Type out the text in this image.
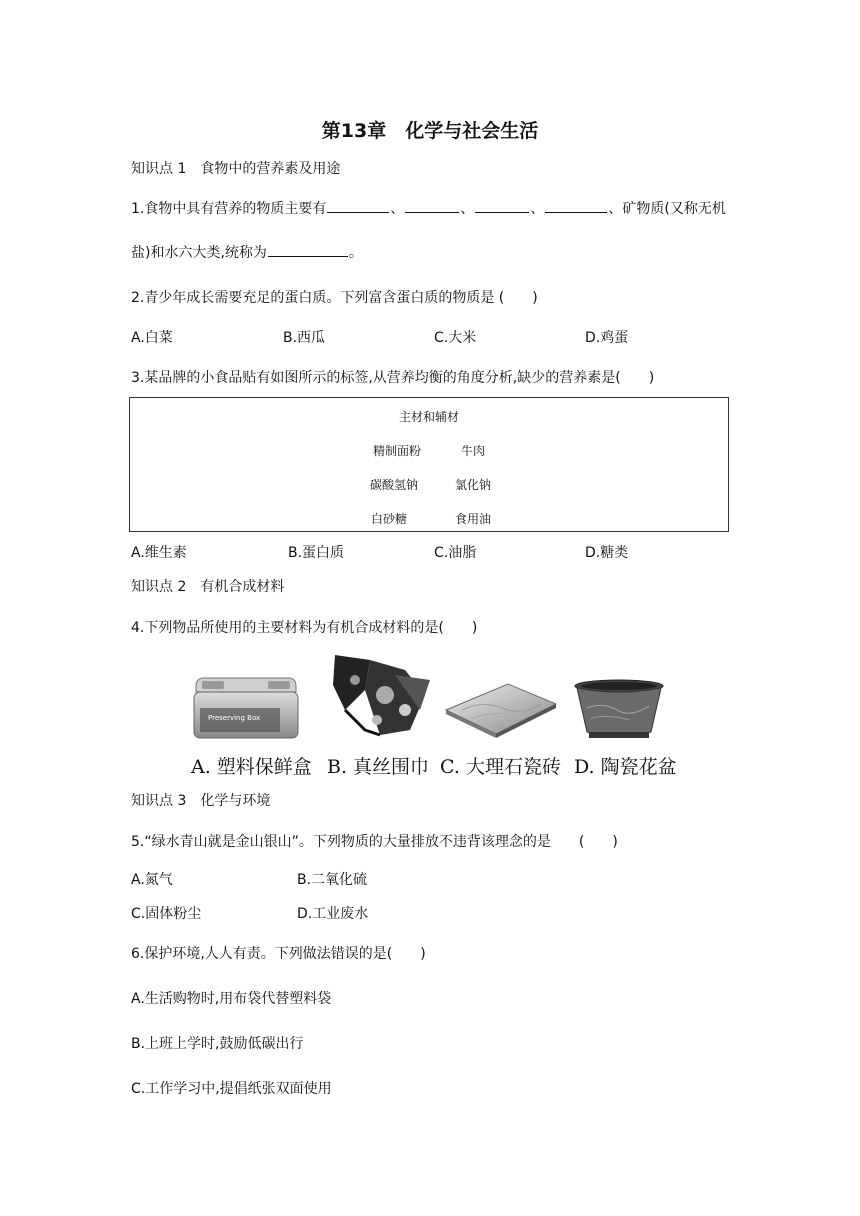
第13章　化学与社会生活
知识点 1　食物中的营养素及用途
1.食物中具有营养的物质主要有	、	、	、	、矿物质(又称无机
盐)和水六大类,统称为	。
2.青少年成长需要充足的蛋白质。下列富含蛋白质的物质是 (　　)
A.白菜	B.西瓜	C.大米	D.鸡蛋
3.某品牌的小食品贴有如图所示的标签,从营养均衡的角度分析,缺少的营养素是(　　)
主材和辅材
精制面粉	牛肉
碳酸氢钠	氯化钠
白砂糖	食用油
A.维生素	B.蛋白质	C.油脂	D.糖类
知识点 2　有机合成材料
4.下列物品所使用的主要材料为有机合成材料的是(　　)
Preserving Box
A. 塑料保鲜盒 B. 真丝围巾 C. 大理石瓷砖 D. 陶瓷花盆
知识点 3　化学与环境
5.“绿水青山就是金山银山”。下列物质的大量排放不违背该理念的是　　(　　)
A.氮气	B.二氧化硫
C.固体粉尘	D.工业废水
6.保护环境,人人有责。下列做法错误的是(　　)
A.生活购物时,用布袋代替塑料袋
B.上班上学时,鼓励低碳出行
C.工作学习中,提倡纸张双面使用
